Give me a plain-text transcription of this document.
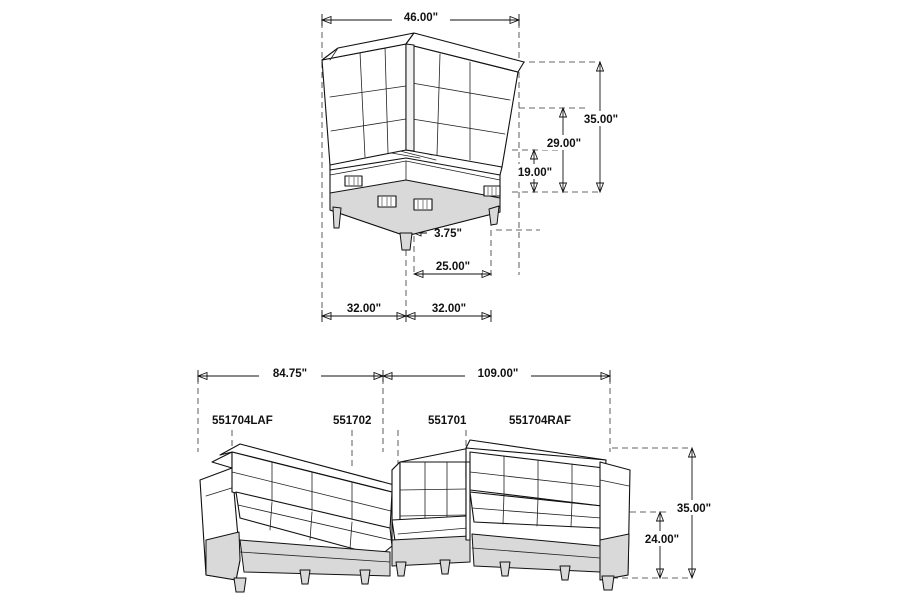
46.00"
35.00"
29.00"
19.00"
3.75"
25.00"
32.00"	32.00"
84.75"	109.00"
35.00"
24.00"
551704LAF	551702	551701	551704RAF
